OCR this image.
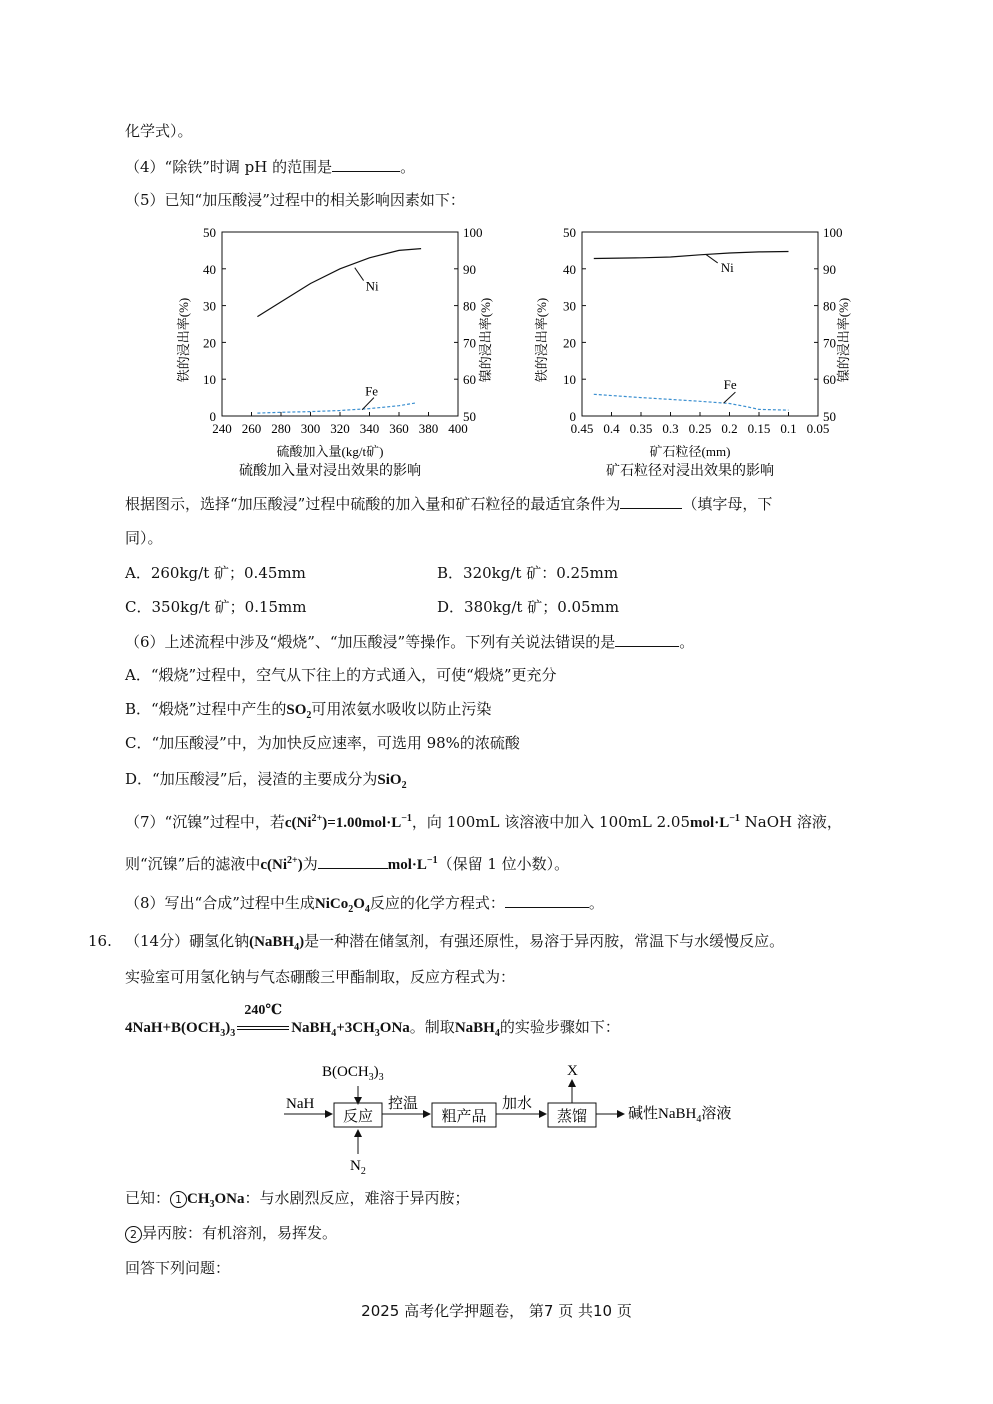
化学式）。
（4）“除铁”时调 pH 的范围是	。
（5）已知“加压酸浸”过程中的相关影响因素如下：
铁的浸出率(%)	镍的浸出率(%)
硫酸加入量(kg/t矿)
硫酸加入量对浸出效果的影响
240 260 280 300 320 340 360 380 400
0
10
20
30
40
50
50
60
70
80
90
100
Ni
Fe
铁的浸出率(%)	镍的浸出率(%)
矿石粒径(mm)
矿石粒径对浸出效果的影响
0.45 0.4 0.35 0.3 0.25 0.2 0.15 0.1 0.05
0
10
20
30
40
50
50
60
70
80
90
100
Ni
Fe
根据图示，选择“加压酸浸”过程中硫酸的加入量和矿石粒径的最适宜条件为	（填字母，下
同）。
A．260kg/t 矿；0.45mm	B．320kg/t 矿：0.25mm
C．350kg/t 矿；0.15mm	D．380kg/t 矿；0.05mm
（6）上述流程中涉及“煅烧”、“加压酸浸”等操作。下列有关说法错误的是	。
A．“煅烧”过程中，空气从下往上的方式通入，可使“煅烧”更充分
B．“煅烧”过程中产生的$SO_2$可用浓氨水吸收以防止污染
C．“加压酸浸”中，为加快反应速率，可选用 98%的浓硫酸
D．“加压酸浸”后，浸渣的主要成分为SiO$_2$
（7）“沉镍”过程中，若$c(Ni^{2+})=1.00mol\cdot L^{-1}$，向 100mL 该溶液中加入 100mL $2.05mol\cdot L^{-1}$ NaOH 溶液，
则“沉镍”后的滤液中$c(Ni^{2+})$为	$mol\cdot L^{-1}$（保留 1 位小数）。
（8）写出“合成”过程中生成$NiCo_2O_4$反应的化学方程式：	。
16. （14分）硼氢化钠(NaBH$_4$)是一种潜在储氢剂，有强还原性，易溶于异丙胺，常温下与水缓慢反应。
实验室可用氢化钠与气态硼酸三甲酯制取，反应方程式为：
$4NaH+B(OCH_3)_3$
240℃
$NaBH_4+3CH_3ONa$。制取NaBH$_4$的实验步骤如下：
$B(OCH_3)_3$
NaH
反应
$N_2$
控温
粗产品
加水
蒸馏
X
碱性NaBH$_4$溶液
已知： 1 $CH_3ONa$：与水剧烈反应，难溶于异丙胺；
2 异丙胺：有机溶剂，易挥发。
回答下列问题：
2025 高考化学押题卷， 第7 页 共10 页
